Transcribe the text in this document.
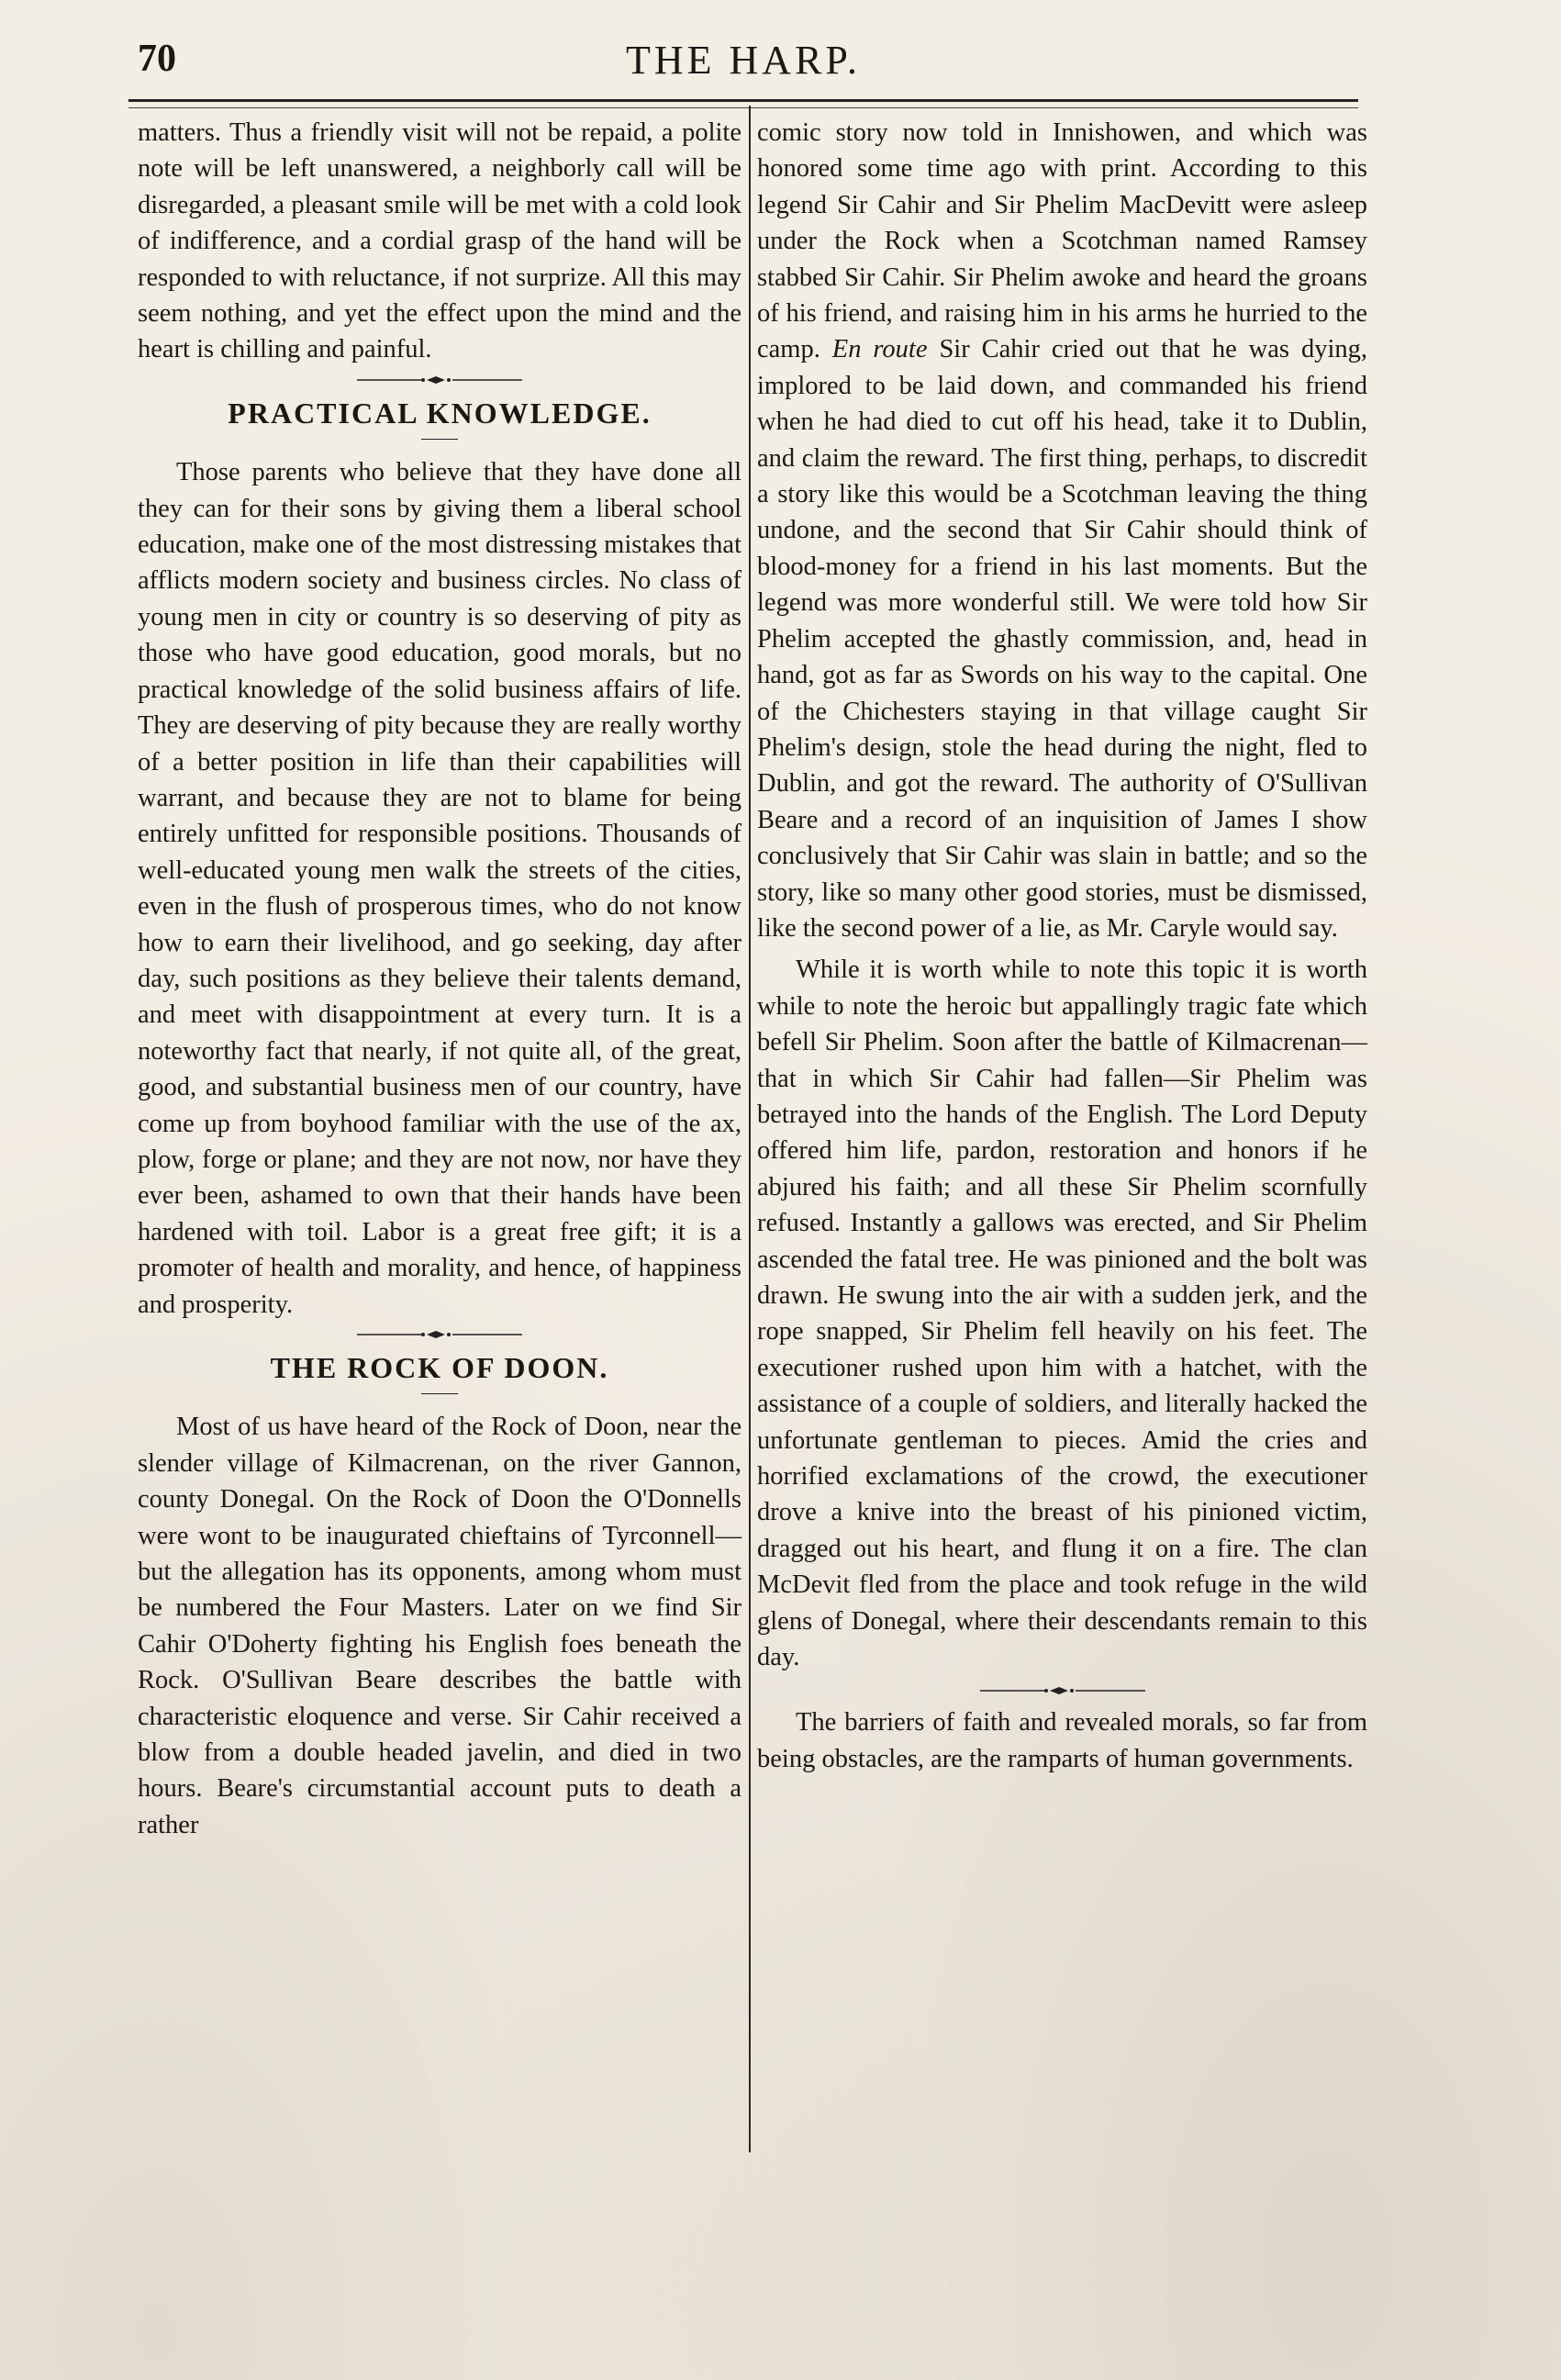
70	THE HARP.

matters. Thus a friendly visit will not be repaid, a polite note will be left unanswered, a neighborly call will be disregarded, a pleasant smile will be met with a cold look of indifference, and a cordial grasp of the hand will be responded to with reluctance, if not surprize. All this may seem nothing, and yet the effect upon the mind and the heart is chilling and painful.

PRACTICAL KNOWLEDGE.

Those parents who believe that they have done all they can for their sons by giving them a liberal school education, make one of the most distressing mistakes that afflicts modern society and business circles. No class of young men in city or country is so deserving of pity as those who have good education, good morals, but no practical knowledge of the solid business affairs of life. They are deserving of pity because they are really worthy of a better position in life than their capabilities will warrant, and because they are not to blame for being entirely unfitted for responsible positions. Thousands of well-educated young men walk the streets of the cities, even in the flush of prosperous times, who do not know how to earn their livelihood, and go seeking, day after day, such positions as they believe their talents demand, and meet with disappointment at every turn. It is a noteworthy fact that nearly, if not quite all, of the great, good, and substantial business men of our country, have come up from boyhood familiar with the use of the ax, plow, forge or plane; and they are not now, nor have they ever been, ashamed to own that their hands have been hardened with toil. Labor is a great free gift; it is a promoter of health and morality, and hence, of happiness and prosperity.

THE ROCK OF DOON.

Most of us have heard of the Rock of Doon, near the slender village of Kilmacrenan, on the river Gannon, county Donegal. On the Rock of Doon the O'Donnells were wont to be inaugurated chieftains of Tyrconnell—but the allegation has its opponents, among whom must be numbered the Four Masters. Later on we find Sir Cahir O'Doherty fighting his English foes beneath the Rock. O'Sullivan Beare describes the battle with characteristic eloquence and verse. Sir Cahir received a blow from a double headed javelin, and died in two hours. Beare's circumstantial account puts to death a rather

comic story now told in Innishowen, and which was honored some time ago with print. According to this legend Sir Cahir and Sir Phelim MacDevitt were asleep under the Rock when a Scotchman named Ramsey stabbed Sir Cahir. Sir Phelim awoke and heard the groans of his friend, and raising him in his arms he hurried to the camp. En route Sir Cahir cried out that he was dying, implored to be laid down, and commanded his friend when he had died to cut off his head, take it to Dublin, and claim the reward. The first thing, perhaps, to discredit a story like this would be a Scotchman leaving the thing undone, and the second that Sir Cahir should think of blood-money for a friend in his last moments. But the legend was more wonderful still. We were told how Sir Phelim accepted the ghastly commission, and, head in hand, got as far as Swords on his way to the capital. One of the Chichesters staying in that village caught Sir Phelim's design, stole the head during the night, fled to Dublin, and got the reward. The authority of O'Sullivan Beare and a record of an inquisition of James I show conclusively that Sir Cahir was slain in battle; and so the story, like so many other good stories, must be dismissed, like the second power of a lie, as Mr. Caryle would say.

While it is worth while to note this topic it is worth while to note the heroic but appallingly tragic fate which befell Sir Phelim. Soon after the battle of Kilmacrenan—that in which Sir Cahir had fallen—Sir Phelim was betrayed into the hands of the English. The Lord Deputy offered him life, pardon, restoration and honors if he abjured his faith; and all these Sir Phelim scornfully refused. Instantly a gallows was erected, and Sir Phelim ascended the fatal tree. He was pinioned and the bolt was drawn. He swung into the air with a sudden jerk, and the rope snapped, Sir Phelim fell heavily on his feet. The executioner rushed upon him with a hatchet, with the assistance of a couple of soldiers, and literally hacked the unfortunate gentleman to pieces. Amid the cries and horrified exclamations of the crowd, the executioner drove a knive into the breast of his pinioned victim, dragged out his heart, and flung it on a fire. The clan McDevit fled from the place and took refuge in the wild glens of Donegal, where their descendants remain to this day.

The barriers of faith and revealed morals, so far from being obstacles, are the ramparts of human governments.
